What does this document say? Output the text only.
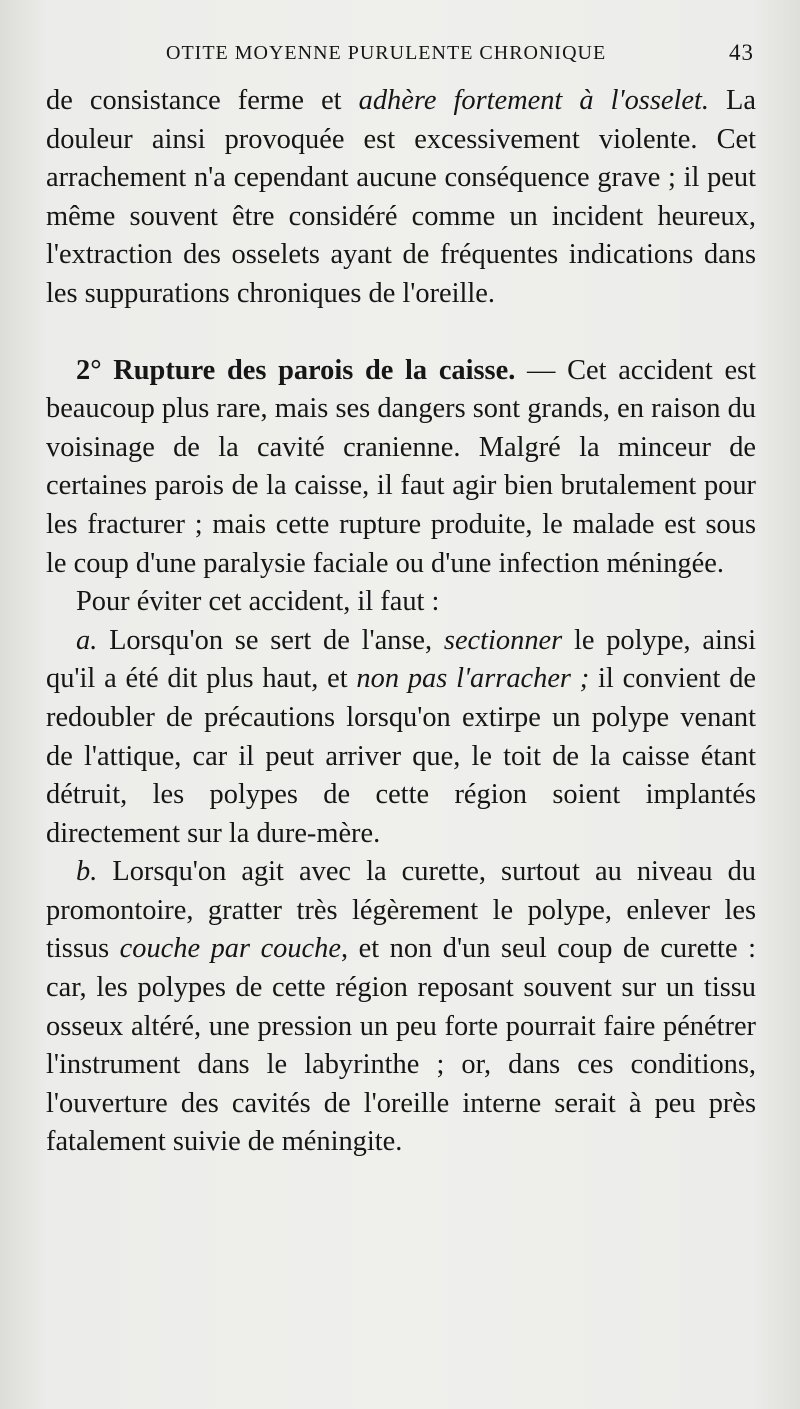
OTITE MOYENNE PURULENTE CHRONIQUE	43

de consistance ferme et adhère fortement à l'osselet. La douleur ainsi provoquée est excessivement violente. Cet arrachement n'a cependant aucune conséquence grave ; il peut même souvent être considéré comme un incident heureux, l'extraction des osselets ayant de fréquentes indications dans les suppurations chroniques de l'oreille.

2° Rupture des parois de la caisse. — Cet accident est beaucoup plus rare, mais ses dangers sont grands, en raison du voisinage de la cavité cranienne. Malgré la minceur de certaines parois de la caisse, il faut agir bien brutalement pour les fracturer ; mais cette rupture produite, le malade est sous le coup d'une paralysie faciale ou d'une infection méningée.

Pour éviter cet accident, il faut :

a. Lorsqu'on se sert de l'anse, sectionner le polype, ainsi qu'il a été dit plus haut, et non pas l'arracher ; il convient de redoubler de précautions lorsqu'on extirpe un polype venant de l'attique, car il peut arriver que, le toit de la caisse étant détruit, les polypes de cette région soient implantés directement sur la dure-mère.

b. Lorsqu'on agit avec la curette, surtout au niveau du promontoire, gratter très légèrement le polype, enlever les tissus couche par couche, et non d'un seul coup de curette : car, les polypes de cette région reposant souvent sur un tissu osseux altéré, une pression un peu forte pourrait faire pénétrer l'instrument dans le labyrinthe ; or, dans ces conditions, l'ouverture des cavités de l'oreille interne serait à peu près fatalement suivie de méningite.
